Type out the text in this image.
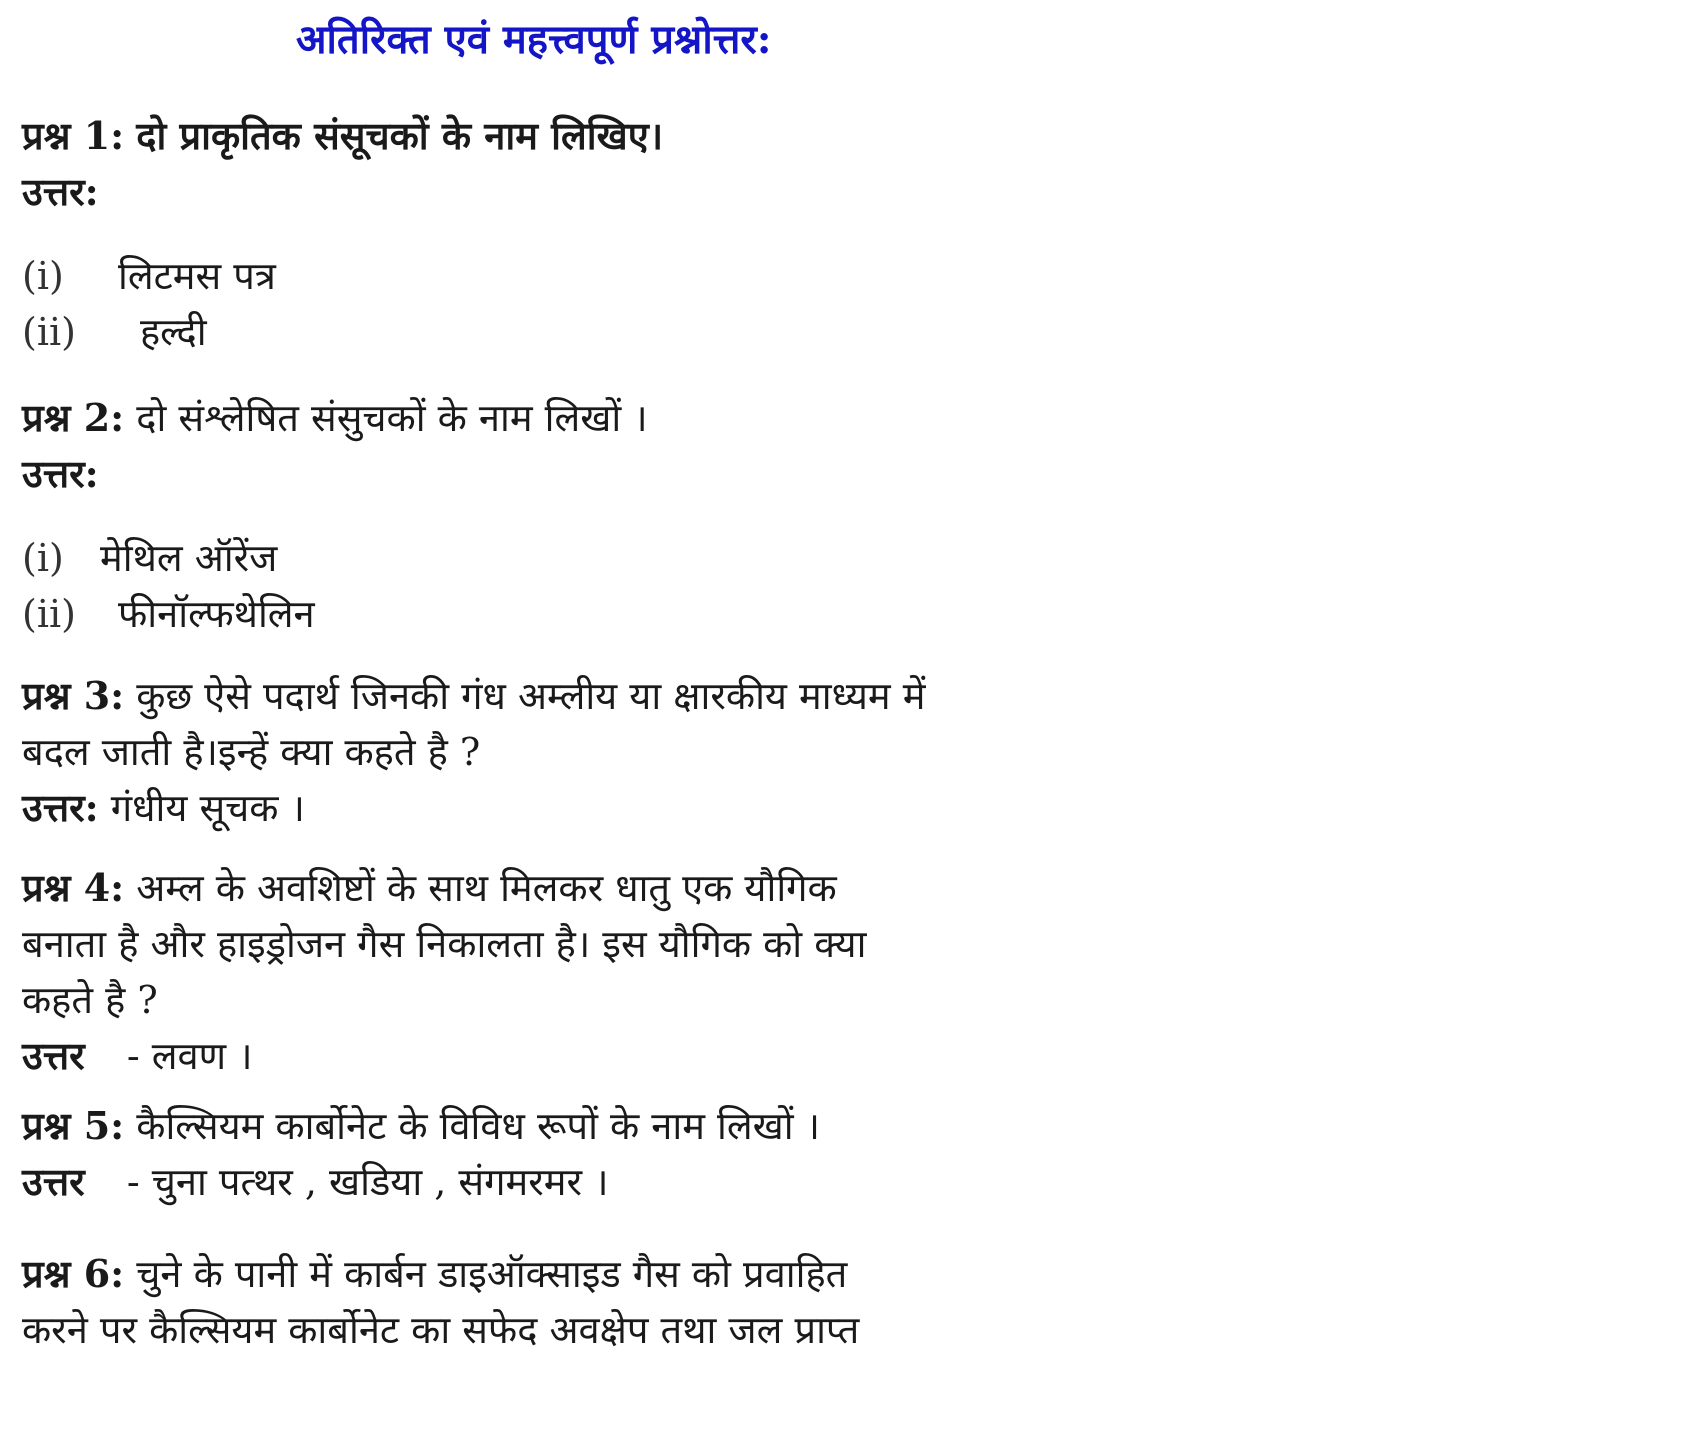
अतिरिक्त एवं महत्त्वपूर्ण प्रश्नोत्तर:
प्रश्न 1: दो प्राकृतिक संसूचकों के नाम लिखिए।
उत्तर:
(i)	लिटमस पत्र
(ii)	हल्दी
प्रश्न 2: दो संश्लेषित संसुचकों के नाम लिखों ।
उत्तर:
(i) मेथिल ऑरेंज
(ii)	फीनॉल्फथेलिन
प्रश्न 3: कुछ ऐसे पदार्थ जिनकी गंध अम्लीय या क्षारकीय माध्यम में
बदल जाती है।इन्हें क्या कहते है ?
उत्तर: गंधीय सूचक ।
प्रश्न 4: अम्ल के अवशिष्टों के साथ मिलकर धातु एक यौगिक
बनाता है और हाइड्रोजन गैस निकालता है। इस यौगिक को क्या
कहते है ?
उत्तर - लवण ।
प्रश्न 5: कैल्सियम कार्बोनेट के विविध रूपों के नाम लिखों ।
उत्तर - चुना पत्थर , खडिया , संगमरमर ।
प्रश्न 6: चुने के पानी में कार्बन डाइऑक्साइड गैस को प्रवाहित
करने पर कैल्सियम कार्बोनेट का सफेद अवक्षेप तथा जल प्राप्त
